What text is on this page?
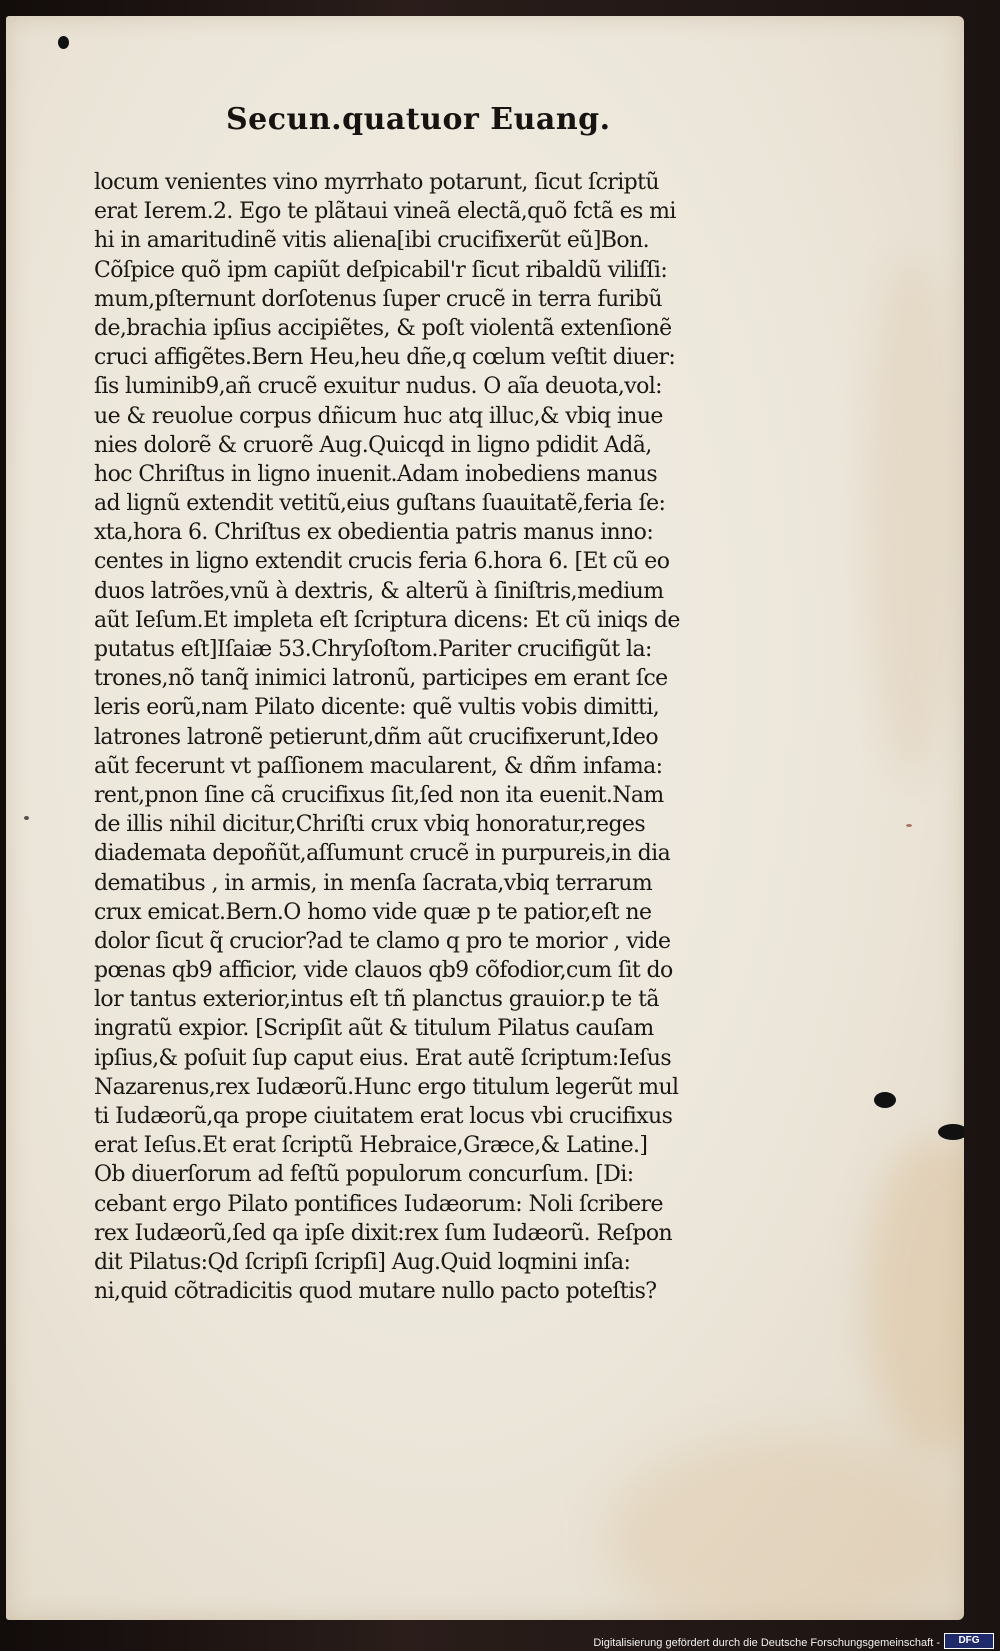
Secun.quatuor Euang.
locum venientes vino myrrhato potarunt, ſicut ſcriptũ
erat Ierem.2. Ego te plãtaui vineã electã,quõ fctã es mi
hi in amaritudinẽ vitis aliena[ibi crucifixerũt eũ]Bon.
Cõſpice quõ ipm capiũt deſpicabil'r ſicut ribaldũ viliſſi:
mum,pſternunt dorſotenus ſuper crucẽ in terra furibũ
de,brachia ipſius accipiẽtes, & poſt violentã extenſionẽ
cruci affigẽtes.Bern Heu,heu dñe,q cœlum veſtit diuer:
ſis luminib9,añ crucẽ exuitur nudus. O aĩa deuota,vol:
ue & reuolue corpus dñicum huc atq illuc,& vbiq inue
nies dolorẽ & cruorẽ Aug.Quicqd in ligno pdidit Adã,
hoc Chriſtus in ligno inuenit.Adam inobediens manus
ad lignũ extendit vetitũ,eius guſtans ſuauitatẽ,feria ſe:
xta,hora 6. Chriſtus ex obedientia patris manus inno:
centes in ligno extendit crucis feria 6.hora 6. [Et cũ eo
duos latrões,vnũ à dextris, & alterũ à ſiniſtris,medium
aũt Ieſum.Et impleta eſt ſcriptura dicens: Et cũ iniqs de
putatus eſt]Iſaiæ 53.Chryſoſtom.Pariter crucifigũt la:
trones,nõ tanq̃ inimici latronũ, participes em erant ſce
leris eorũ,nam Pilato dicente: quẽ vultis vobis dimitti,
latrones latronẽ petierunt,dñm aũt crucifixerunt,Ideo
aũt fecerunt vt paſſionem macularent, & dñm infama:
rent,pnon ſine cã crucifixus ſit,ſed non ita euenit.Nam
de illis nihil dicitur,Chriſti crux vbiq honoratur,reges
diademata depoñũt,aſſumunt crucẽ in purpureis,in dia
dematibus , in armis, in menſa ſacrata,vbiq terrarum
crux emicat.Bern.O homo vide quæ p te patior,eſt ne
dolor ſicut q̃ crucior?ad te clamo q pro te morior , vide
pœnas qb9 afficior, vide clauos qb9 cõfodior,cum ſit do
lor tantus exterior,intus eſt tñ planctus grauior.p te tã
ingratũ expior. [Scripſit aũt & titulum Pilatus cauſam
ipſius,& poſuit ſup caput eius. Erat autẽ ſcriptum:Ieſus
Nazarenus,rex Iudæorũ.Hunc ergo titulum legerũt mul
ti Iudæorũ,qa prope ciuitatem erat locus vbi crucifixus
erat Ieſus.Et erat ſcriptũ Hebraice,Græce,& Latine.]
Ob diuerſorum ad feſtũ populorum concurſum. [Di:
cebant ergo Pilato pontifices Iudæorum: Noli ſcribere
rex Iudæorũ,ſed qa ipſe dixit:rex ſum Iudæorũ. Reſpon
dit Pilatus:Qd ſcripſi ſcripſi] Aug.Quid loqmini inſa:
ni,quid cõtradicitis quod mutare nullo pacto poteſtis?
Digitalisierung gefördert durch die Deutsche Forschungsgemeinschaft -	DFG
